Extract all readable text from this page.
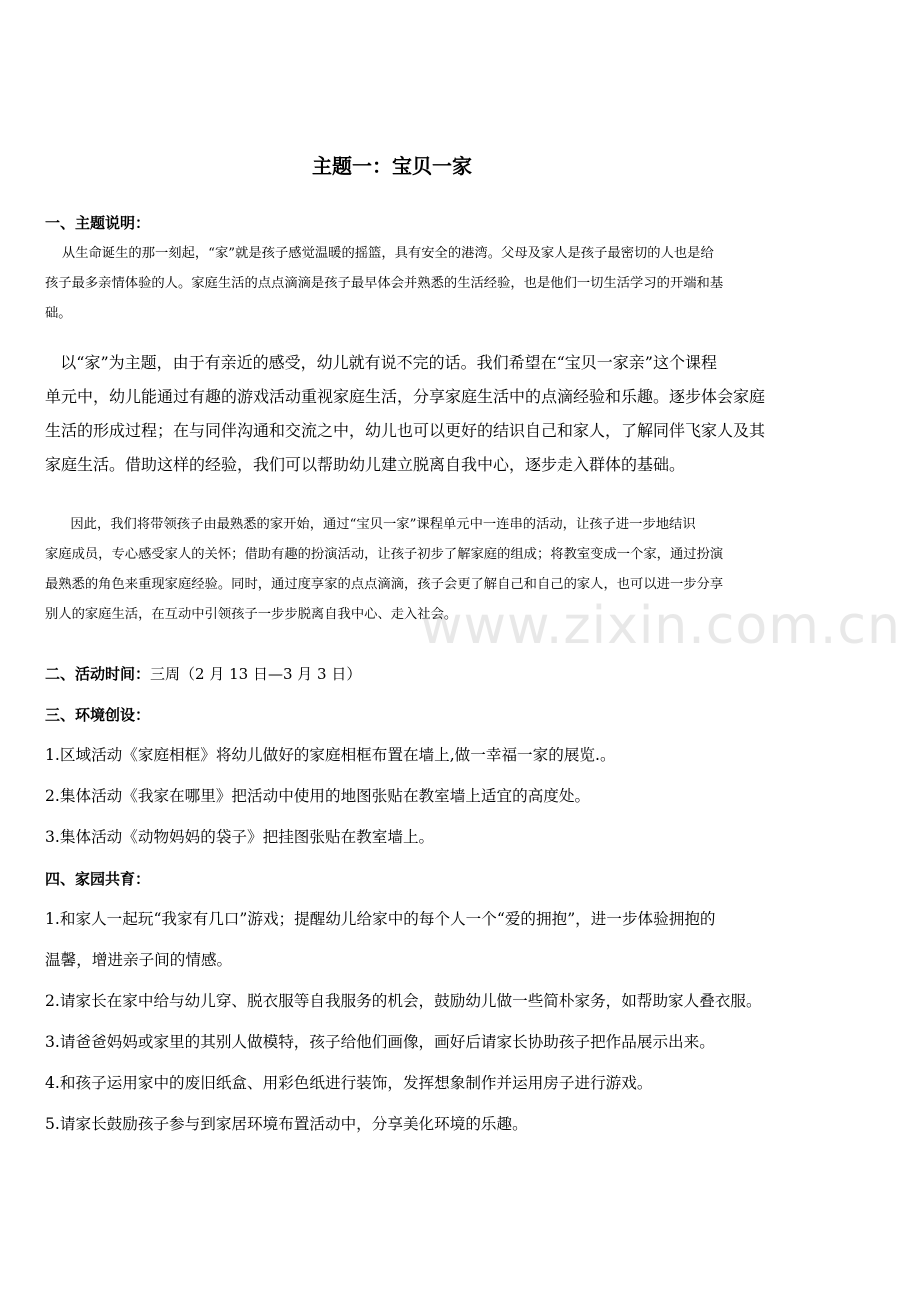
www.zixin.com.cn
主题一：宝贝一家
一、主题说明：

从生命诞生的那一刻起，“家”就是孩子感觉温暖的摇篮，具有安全的港湾。父母及家人是孩子最密切的人也是给
孩子最多亲情体验的人。家庭生活的点点滴滴是孩子最早体会并熟悉的生活经验，也是他们一切生活学习的开端和基
础。

以“家”为主题，由于有亲近的感受，幼儿就有说不完的话。我们希望在“宝贝一家亲”这个课程
单元中，幼儿能通过有趣的游戏活动重视家庭生活，分享家庭生活中的点滴经验和乐趣。逐步体会家庭
生活的形成过程；在与同伴沟通和交流之中，幼儿也可以更好的结识自己和家人，了解同伴飞家人及其
家庭生活。借助这样的经验，我们可以帮助幼儿建立脱离自我中心，逐步走入群体的基础。

因此，我们将带领孩子由最熟悉的家开始，通过“宝贝一家”课程单元中一连串的活动，让孩子进一步地结识
家庭成员，专心感受家人的关怀；借助有趣的扮演活动，让孩子初步了解家庭的组成；将教室变成一个家，通过扮演
最熟悉的角色来重现家庭经验。同时，通过度享家的点点滴滴，孩子会更了解自己和自己的家人，也可以进一步分享
别人的家庭生活，在互动中引领孩子一步步脱离自我中心、走入社会。

二、活动时间：三周（2 月 13 日—3 月 3 日）
三、环境创设：

1.区域活动《家庭相框》将幼儿做好的家庭相框布置在墙上,做一幸福一家的展览.。

2.集体活动《我家在哪里》把活动中使用的地图张贴在教室墙上适宜的高度处。

3.集体活动《动物妈妈的袋子》把挂图张贴在教室墙上。

四、家园共育：

1.和家人一起玩“我家有几口”游戏；提醒幼儿给家中的每个人一个“爱的拥抱”，进一步体验拥抱的
温馨，增进亲子间的情感。

2.请家长在家中给与幼儿穿、脱衣服等自我服务的机会，鼓励幼儿做一些简朴家务，如帮助家人叠衣服。

3.请爸爸妈妈或家里的其别人做模特，孩子给他们画像，画好后请家长协助孩子把作品展示出来。

4.和孩子运用家中的废旧纸盒、用彩色纸进行装饰，发挥想象制作并运用房子进行游戏。

5.请家长鼓励孩子参与到家居环境布置活动中，分享美化环境的乐趣。
